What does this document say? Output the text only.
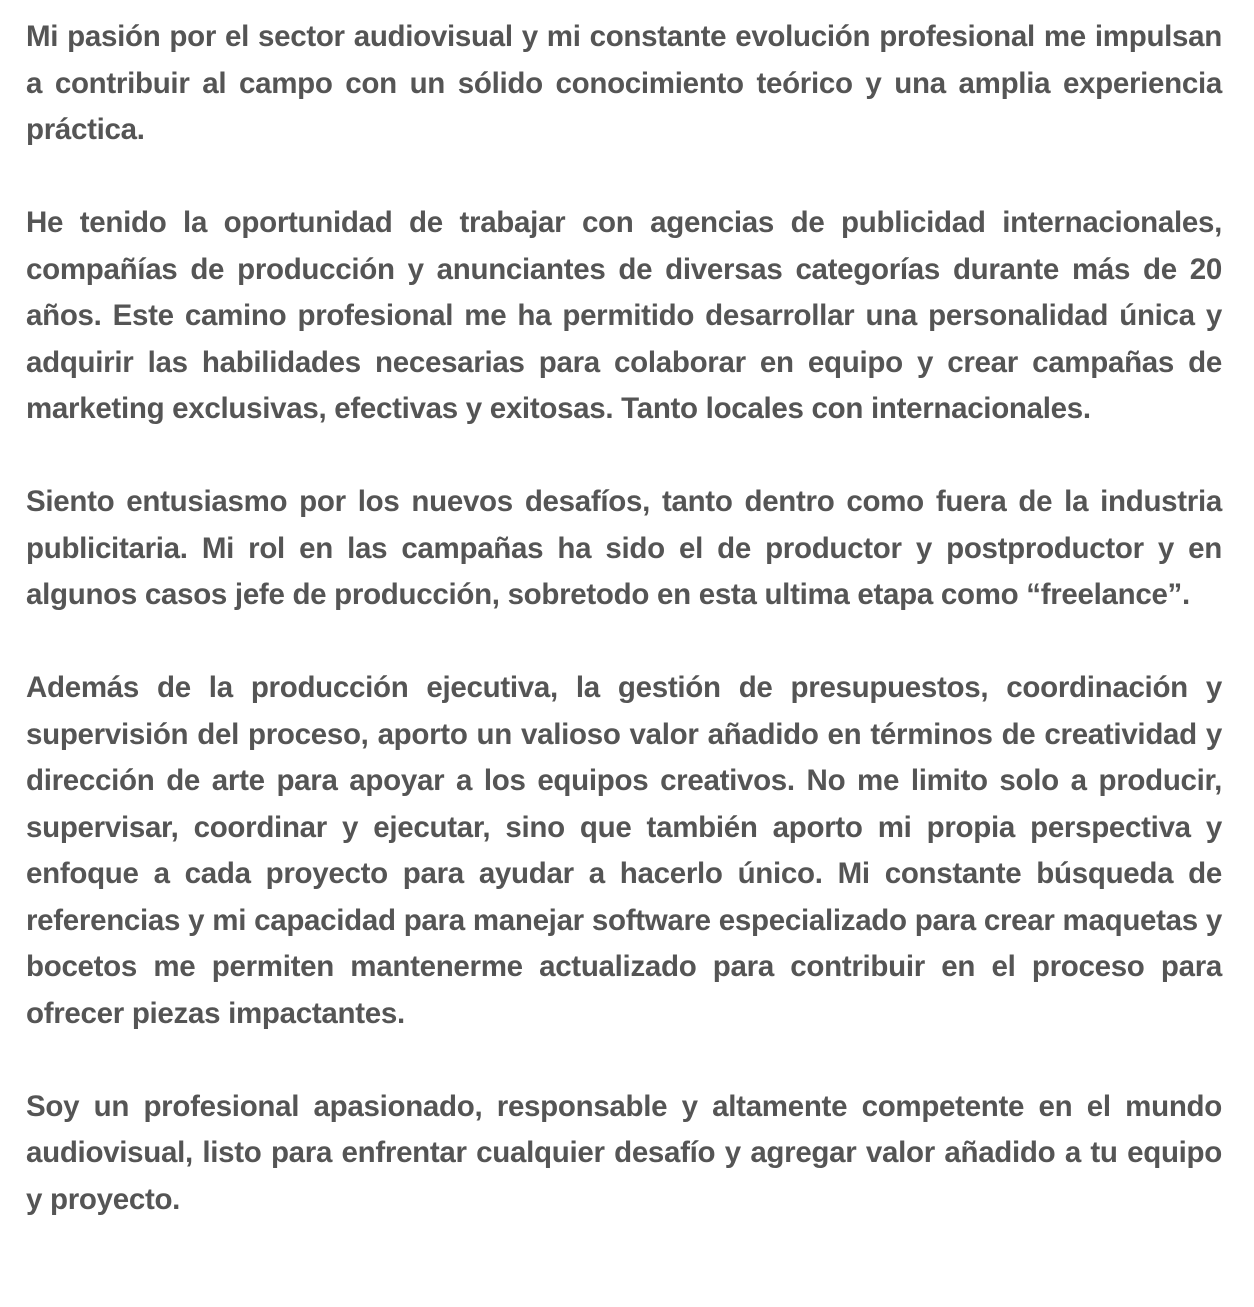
Mi pasión por el sector audiovisual y mi constante evolución profesional me impulsan a contribuir al campo con un sólido conocimiento teórico y una amplia experiencia práctica.

He tenido la oportunidad de trabajar con agencias de publicidad internacionales, compañías de producción y anunciantes de diversas categorías durante más de 20 años. Este camino profesional me ha permitido desarrollar una personalidad única y adquirir las habilidades necesarias para colaborar en equipo y crear campañas de marketing exclusivas, efectivas y exitosas. Tanto locales con internacionales.

Siento entusiasmo por los nuevos desafíos, tanto dentro como fuera de la industria publicitaria. Mi rol en las campañas ha sido el de productor y postproductor y en algunos casos jefe de producción, sobretodo en esta ultima etapa como “freelance”.

Además de la producción ejecutiva, la gestión de presupuestos, coordinación y supervisión del proceso, aporto un valioso valor añadido en términos de creatividad y dirección de arte para apoyar a los equipos creativos. No me limito solo a producir, supervisar, coordinar y ejecutar, sino que también aporto mi propia perspectiva y enfoque a cada proyecto para ayudar a hacerlo único. Mi constante búsqueda de referencias y mi capacidad para manejar software especializado para crear maquetas y bocetos me permiten mantenerme actualizado para contribuir en el proceso para ofrecer piezas impactantes.

Soy un profesional apasionado, responsable y altamente competente en el mundo audiovisual, listo para enfrentar cualquier desafío y agregar valor añadido a tu equipo y proyecto.
